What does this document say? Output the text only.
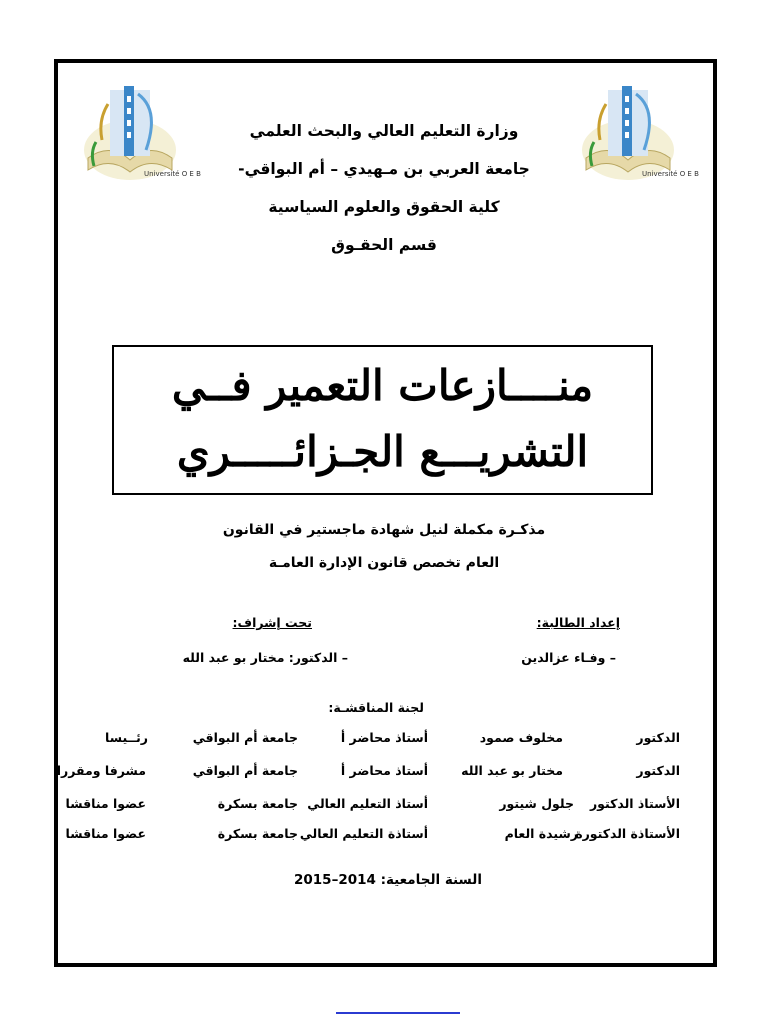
Université O E B	Université O E B
وزارة التعليم العالي والبحث العلمي
جامعة العربي بن مـهيدي – أم البواقي-
كلية الحقوق والعلوم السياسية
قسم الحقـوق
منــــازعات التعمير فــي
التشريـــع الجـزائـــــري
مذكـرة مكملة لنيل شهادة ماجستير في القانون
العام تخصص قانون الإدارة العامـة
إعداد الطالبة:
– وفـاء عزالدين
تحت إشراف:
– الدكتور: مختار بو عبد الله
لجنة المناقشـة:
الدكتور
مخلوف صمود
أستاذ محاضر أ
جامعة أم البواقي
رئــيسا
الدكتور
مختار بو عبد الله
أستاذ محاضر أ
جامعة أم البواقي
مشرفا ومقررا
الأستاذ الدكتور
جلول شيتور
أستاذ التعليم العالي
جامعة بسكرة
عضوا مناقشا
الأستاذة الدكتورة
رشيدة العام
أستاذة التعليم العالي
جامعة بسكرة
عضوا مناقشا
السنة الجامعية: 2014–2015
